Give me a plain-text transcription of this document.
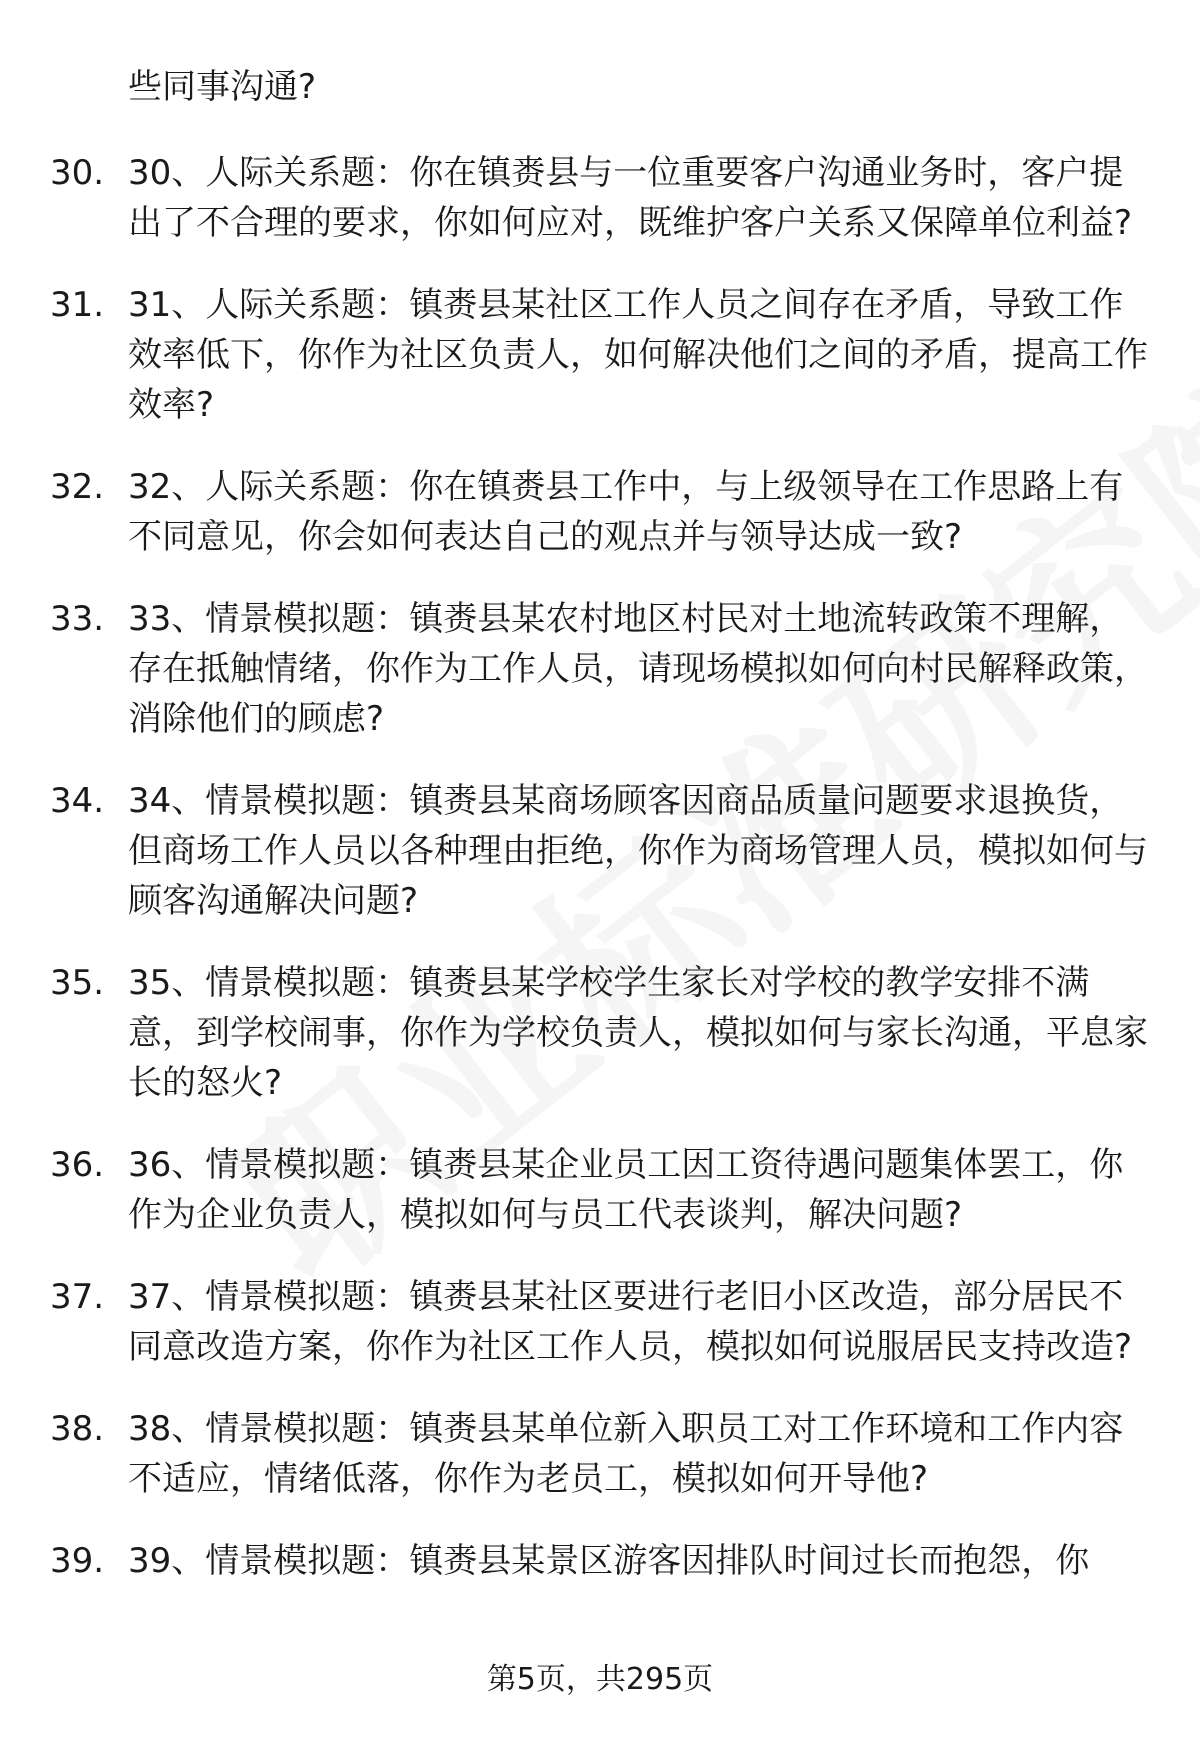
些同事沟通?

30. 30、人际关系题：你在镇赉县与一位重要客户沟通业务时，客户提出了不合理的要求，你如何应对，既维护客户关系又保障单位利益?
31. 31、人际关系题：镇赉县某社区工作人员之间存在矛盾，导致工作效率低下，你作为社区负责人，如何解决他们之间的矛盾，提高工作效率?
32. 32、人际关系题：你在镇赉县工作中，与上级领导在工作思路上有不同意见，你会如何表达自己的观点并与领导达成一致?
33. 33、情景模拟题：镇赉县某农村地区村民对土地流转政策不理解，存在抵触情绪，你作为工作人员，请现场模拟如何向村民解释政策，消除他们的顾虑?
34. 34、情景模拟题：镇赉县某商场顾客因商品质量问题要求退换货，但商场工作人员以各种理由拒绝，你作为商场管理人员，模拟如何与顾客沟通解决问题?
35. 35、情景模拟题：镇赉县某学校学生家长对学校的教学安排不满意，到学校闹事，你作为学校负责人，模拟如何与家长沟通，平息家长的怒火?
36. 36、情景模拟题：镇赉县某企业员工因工资待遇问题集体罢工，你作为企业负责人，模拟如何与员工代表谈判，解决问题?
37. 37、情景模拟题：镇赉县某社区要进行老旧小区改造，部分居民不同意改造方案，你作为社区工作人员，模拟如何说服居民支持改造?
38. 38、情景模拟题：镇赉县某单位新入职员工对工作环境和工作内容不适应，情绪低落，你作为老员工，模拟如何开导他?
39. 39、情景模拟题：镇赉县某景区游客因排队时间过长而抱怨，你
第5页，共295页
